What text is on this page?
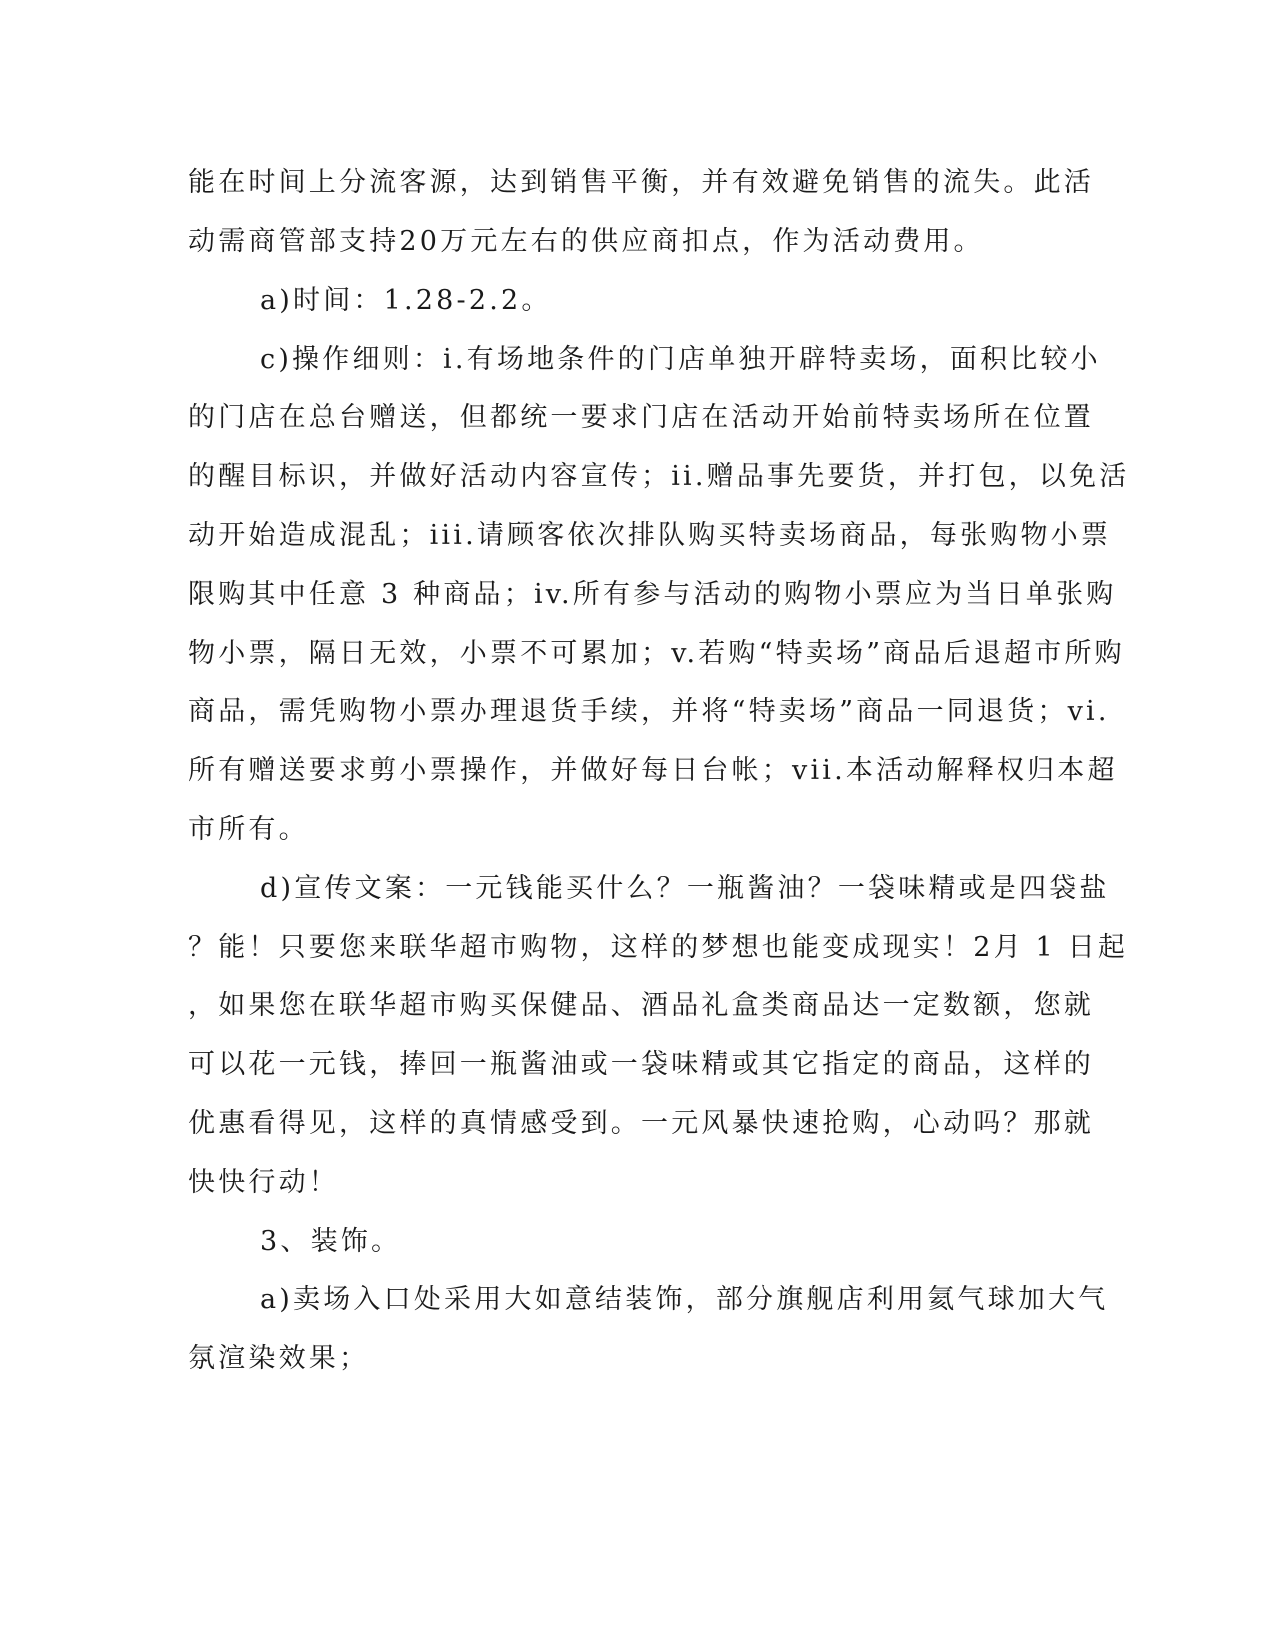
能在时间上分流客源，达到销售平衡，并有效避免销售的流失。此活
动需商管部支持20万元左右的供应商扣点，作为活动费用。
a)时间：1.28-2.2。
c)操作细则：i.有场地条件的门店单独开辟特卖场，面积比较小
的门店在总台赠送，但都统一要求门店在活动开始前特卖场所在位置
的醒目标识，并做好活动内容宣传；ii.赠品事先要货，并打包，以免活
动开始造成混乱；iii.请顾客依次排队购买特卖场商品，每张购物小票
限购其中任意 3 种商品；iv.所有参与活动的购物小票应为当日单张购
物小票，隔日无效，小票不可累加；v.若购“特卖场”商品后退超市所购
商品，需凭购物小票办理退货手续，并将“特卖场”商品一同退货；vi.
所有赠送要求剪小票操作，并做好每日台帐；vii.本活动解释权归本超
市所有。
d)宣传文案：一元钱能买什么？一瓶酱油？一袋味精或是四袋盐
？能！只要您来联华超市购物，这样的梦想也能变成现实！2月 1 日起
，如果您在联华超市购买保健品、酒品礼盒类商品达一定数额，您就
可以花一元钱，捧回一瓶酱油或一袋味精或其它指定的商品，这样的
优惠看得见，这样的真情感受到。一元风暴快速抢购，心动吗？那就
快快行动！
3、装饰。
a)卖场入口处采用大如意结装饰，部分旗舰店利用氦气球加大气
氛渲染效果；
